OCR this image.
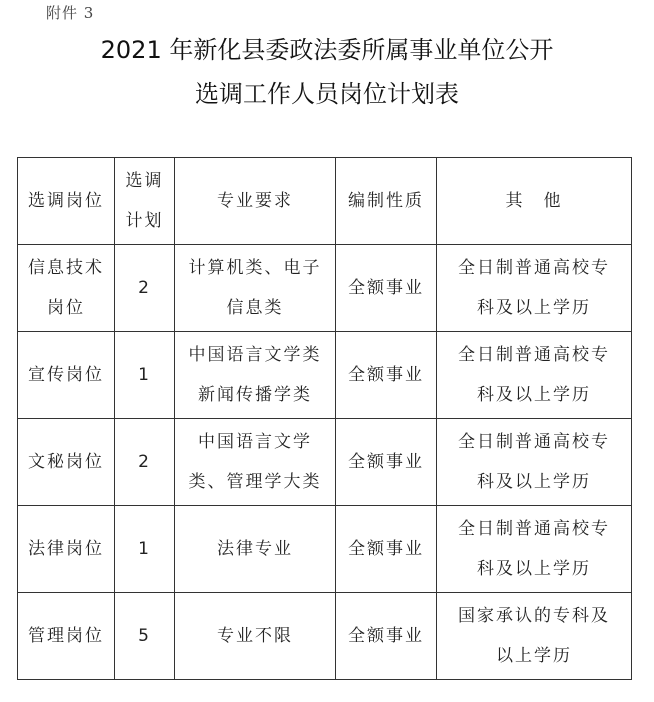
附件 3
2021 年新化县委政法委所属事业单位公开
选调工作人员岗位计划表
选调岗位	选调计划	专业要求	编制性质	其　他
信息技术岗位	2	计算机类、电子信息类	全额事业	全日制普通高校专科及以上学历
宣传岗位	1	中国语言文学类新闻传播学类	全额事业	全日制普通高校专科及以上学历
文秘岗位	2	中国语言文学类、管理学大类	全额事业	全日制普通高校专科及以上学历
法律岗位	1	法律专业	全额事业	全日制普通高校专科及以上学历
管理岗位	5	专业不限	全额事业	国家承认的专科及以上学历
